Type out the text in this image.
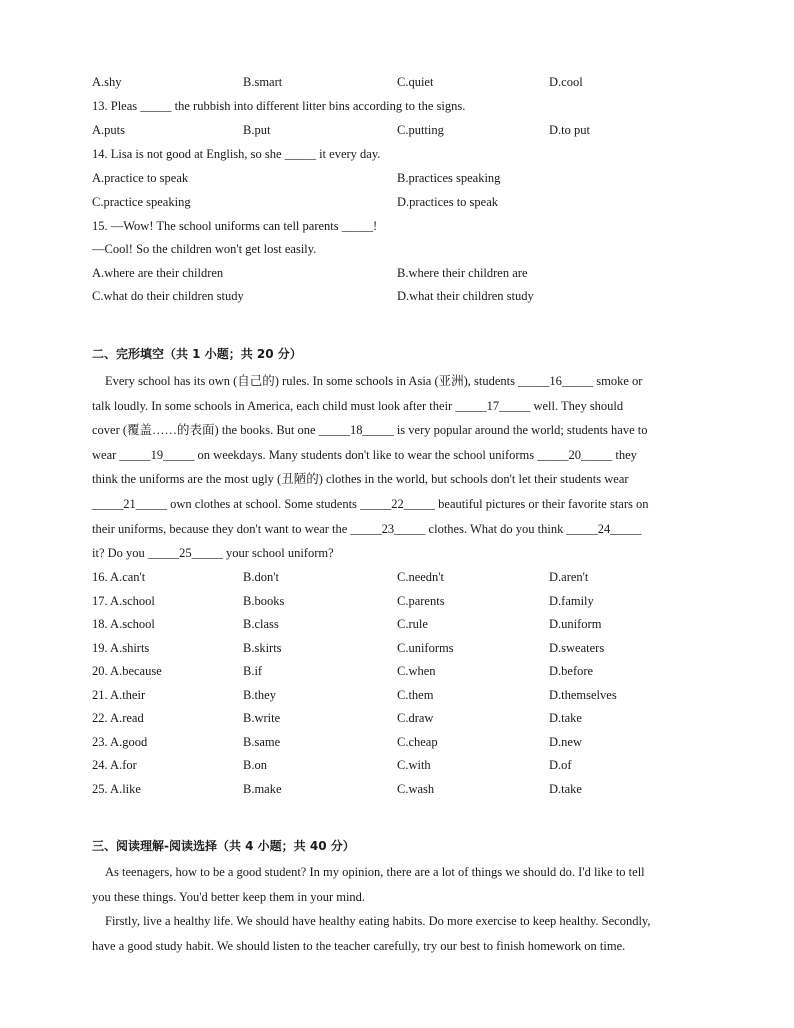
A.shy	B.smart	C.quiet	D.cool
13. Pleas _____ the rubbish into different litter bins according to the signs.
A.puts	B.put	C.putting	D.to put
14. Lisa is not good at English, so she _____ it every day.
A.practice to speak	B.practices speaking
C.practice speaking	D.practices to speak
15. —Wow! The school uniforms can tell parents _____!
—Cool! So the children won't get lost easily.
A.where are their children	B.where their children are
C.what do their children study	D.what their children study
二、完形填空（共 1 小题；共 20 分）

Every school has its own (自己的) rules. In some schools in Asia (亚洲), students _____16_____ smoke or

talk loudly. In some schools in America, each child must look after their _____17_____ well. They should

cover (覆盖……的表面) the books. But one _____18_____ is very popular around the world; students have to

wear _____19_____ on weekdays. Many students don't like to wear the school uniforms _____20_____ they

think the uniforms are the most ugly (丑陋的) clothes in the world, but schools don't let their students wear

_____21_____ own clothes at school. Some students _____22_____ beautiful pictures or their favorite stars on

their uniforms, because they don't want to wear the _____23_____ clothes. What do you think _____24_____

it? Do you _____25_____ your school uniform?

16. A.can't	B.don't	C.needn't	D.aren't
17. A.school	B.books	C.parents	D.family
18. A.school	B.class	C.rule	D.uniform
19. A.shirts	B.skirts	C.uniforms	D.sweaters
20. A.because	B.if	C.when	D.before
21. A.their	B.they	C.them	D.themselves
22. A.read	B.write	C.draw	D.take
23. A.good	B.same	C.cheap	D.new
24. A.for	B.on	C.with	D.of
25. A.like	B.make	C.wash	D.take
三、阅读理解-阅读选择（共 4 小题；共 40 分）

As teenagers, how to be a good student? In my opinion, there are a lot of things we should do. I'd like to tell

you these things. You'd better keep them in your mind.

Firstly, live a healthy life. We should have healthy eating habits. Do more exercise to keep healthy. Secondly,

have a good study habit. We should listen to the teacher carefully, try our best to finish homework on time.
